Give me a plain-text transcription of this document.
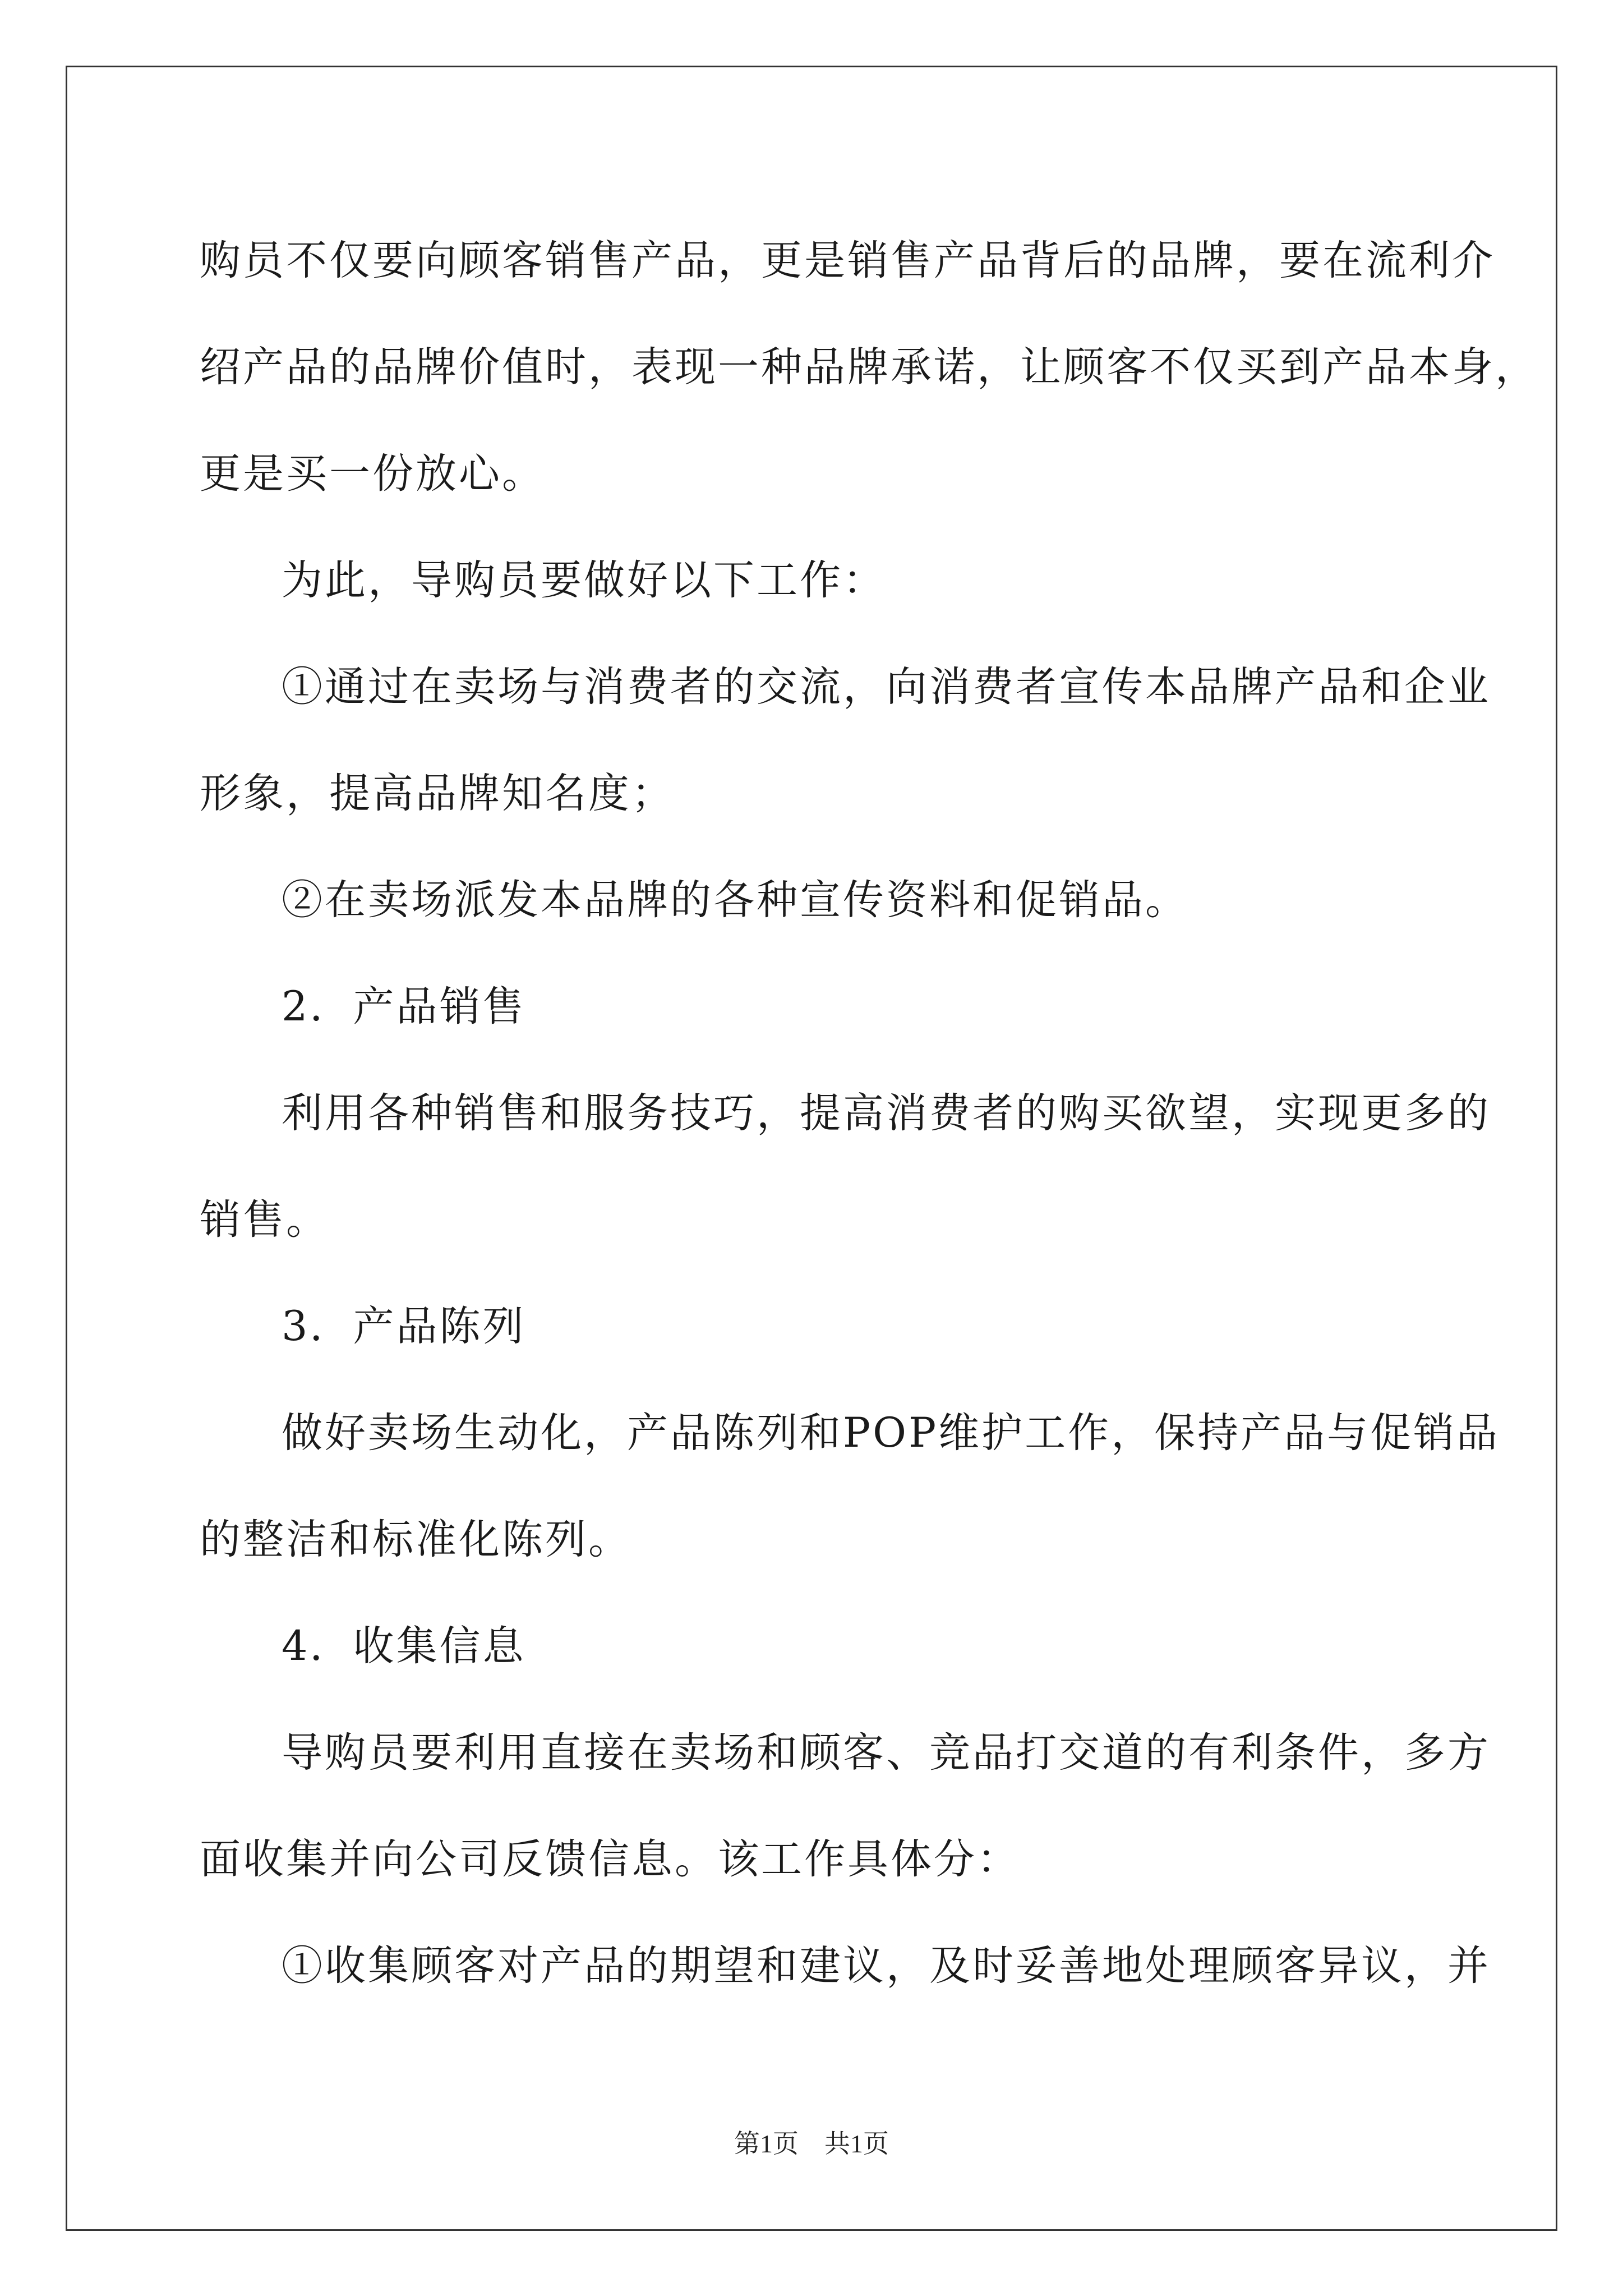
购员不仅要向顾客销售产品，更是销售产品背后的品牌，要在流利介

绍产品的品牌价值时，表现一种品牌承诺，让顾客不仅买到产品本身，

更是买一份放心。

为此，导购员要做好以下工作：

①通过在卖场与消费者的交流，向消费者宣传本品牌产品和企业

形象，提高品牌知名度；

②在卖场派发本品牌的各种宣传资料和促销品。

2．产品销售

利用各种销售和服务技巧，提高消费者的购买欲望，实现更多的

销售。

3．产品陈列

做好卖场生动化，产品陈列和POP维护工作，保持产品与促销品

的整洁和标准化陈列。

4．收集信息

导购员要利用直接在卖场和顾客、竞品打交道的有利条件，多方

面收集并向公司反馈信息。该工作具体分：

①收集顾客对产品的期望和建议，及时妥善地处理顾客异议，并

第1页　共1页
